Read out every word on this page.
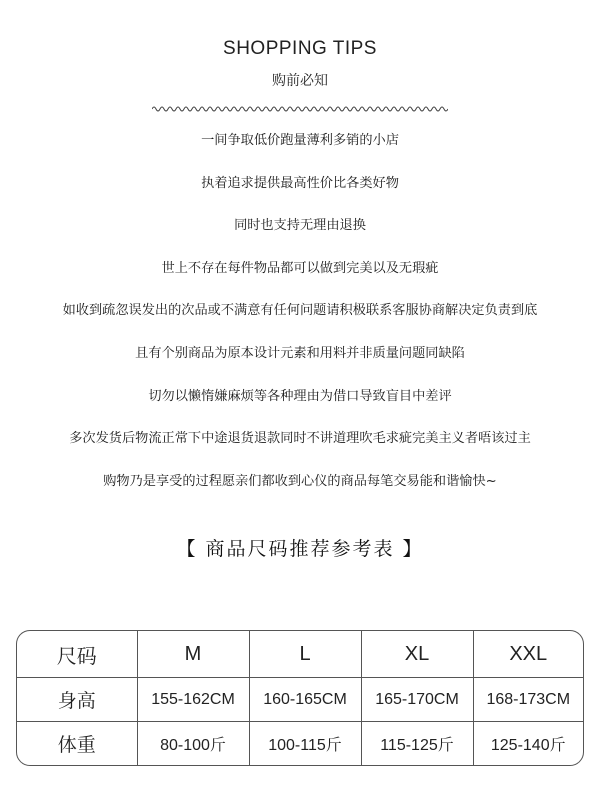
SHOPPING TIPS
购前必知
一间争取低价跑量薄利多销的小店
执着追求提供最高性价比各类好物
同时也支持无理由退换
世上不存在每件物品都可以做到完美以及无瑕疵
如收到疏忽误发出的次品或不满意有任何问题请积极联系客服协商解决定负责到底
且有个别商品为原本设计元素和用料并非质量问题同缺陷
切勿以懒惰嫌麻烦等各种理由为借口导致盲目中差评
多次发货后物流正常下中途退货退款同时不讲道理吹毛求疵完美主义者唔该过主
购物乃是享受的过程愿亲们都收到心仪的商品每笔交易能和谐愉快~
【 商品尺码推荐参考表 】
尺码	M	L	XL	XXL
身高	155-162CM	160-165CM	165-170CM	168-173CM
体重	80-100斤	100-115斤	115-125斤	125-140斤
